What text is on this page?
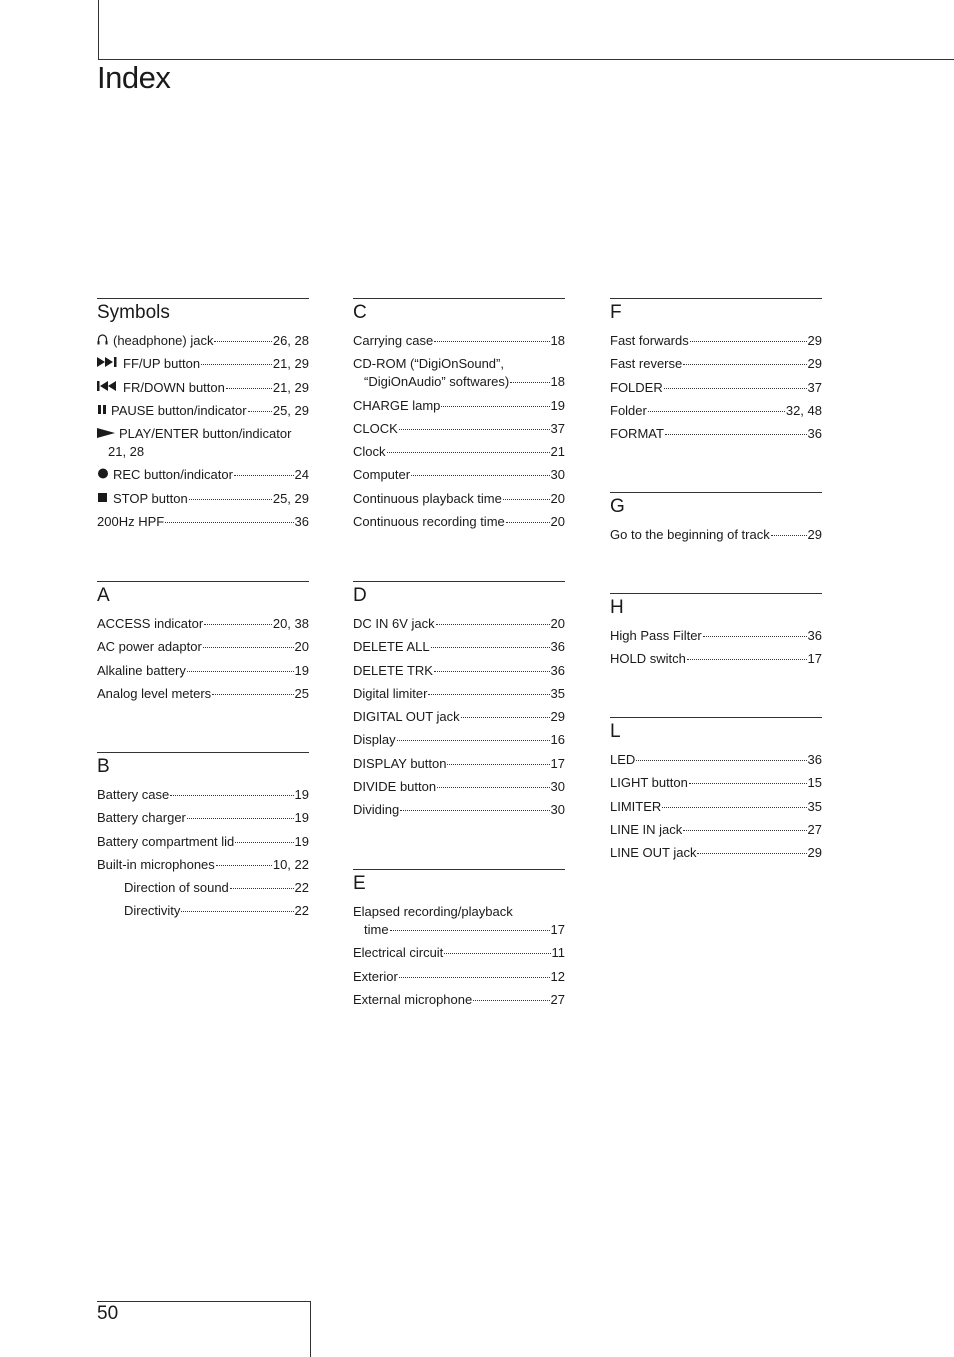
Index
Symbols
(headphone) jack	26, 28
FF/UP button	21, 29
FR/DOWN button	21, 29
PAUSE button/indicator 25, 29
PLAY/ENTER button/indicator
21, 28
REC button/indicator	24
STOP button	25, 29
200Hz HPF	36
A
ACCESS indicator	20, 38
AC power adaptor	20
Alkaline battery	19
Analog level meters	25
B
Battery case	19
Battery charger	19
Battery compartment lid	19
Built-in microphones	10, 22
Direction of sound	22
Directivity	22
C
Carrying case	18
CD-ROM (“DigiOnSound”,
“DigiOnAudio” softwares)	18
CHARGE lamp	19
CLOCK	37
Clock	21
Computer	30
Continuous playback time	20
Continuous recording time	20
D
DC IN 6V jack	20
DELETE ALL	36
DELETE TRK	36
Digital limiter	35
DIGITAL OUT jack	29
Display	16
DISPLAY button	17
DIVIDE button	30
Dividing	30
E
Elapsed recording/playback
time	17
Electrical circuit	11
Exterior	12
External microphone	27
F
Fast forwards	29
Fast reverse	29
FOLDER	37
Folder	32, 48
FORMAT	36
G
Go to the beginning of track	29
H
High Pass Filter	36
HOLD switch	17
L
LED	36
LIGHT button	15
LIMITER	35
LINE IN jack	27
LINE OUT jack	29
50
